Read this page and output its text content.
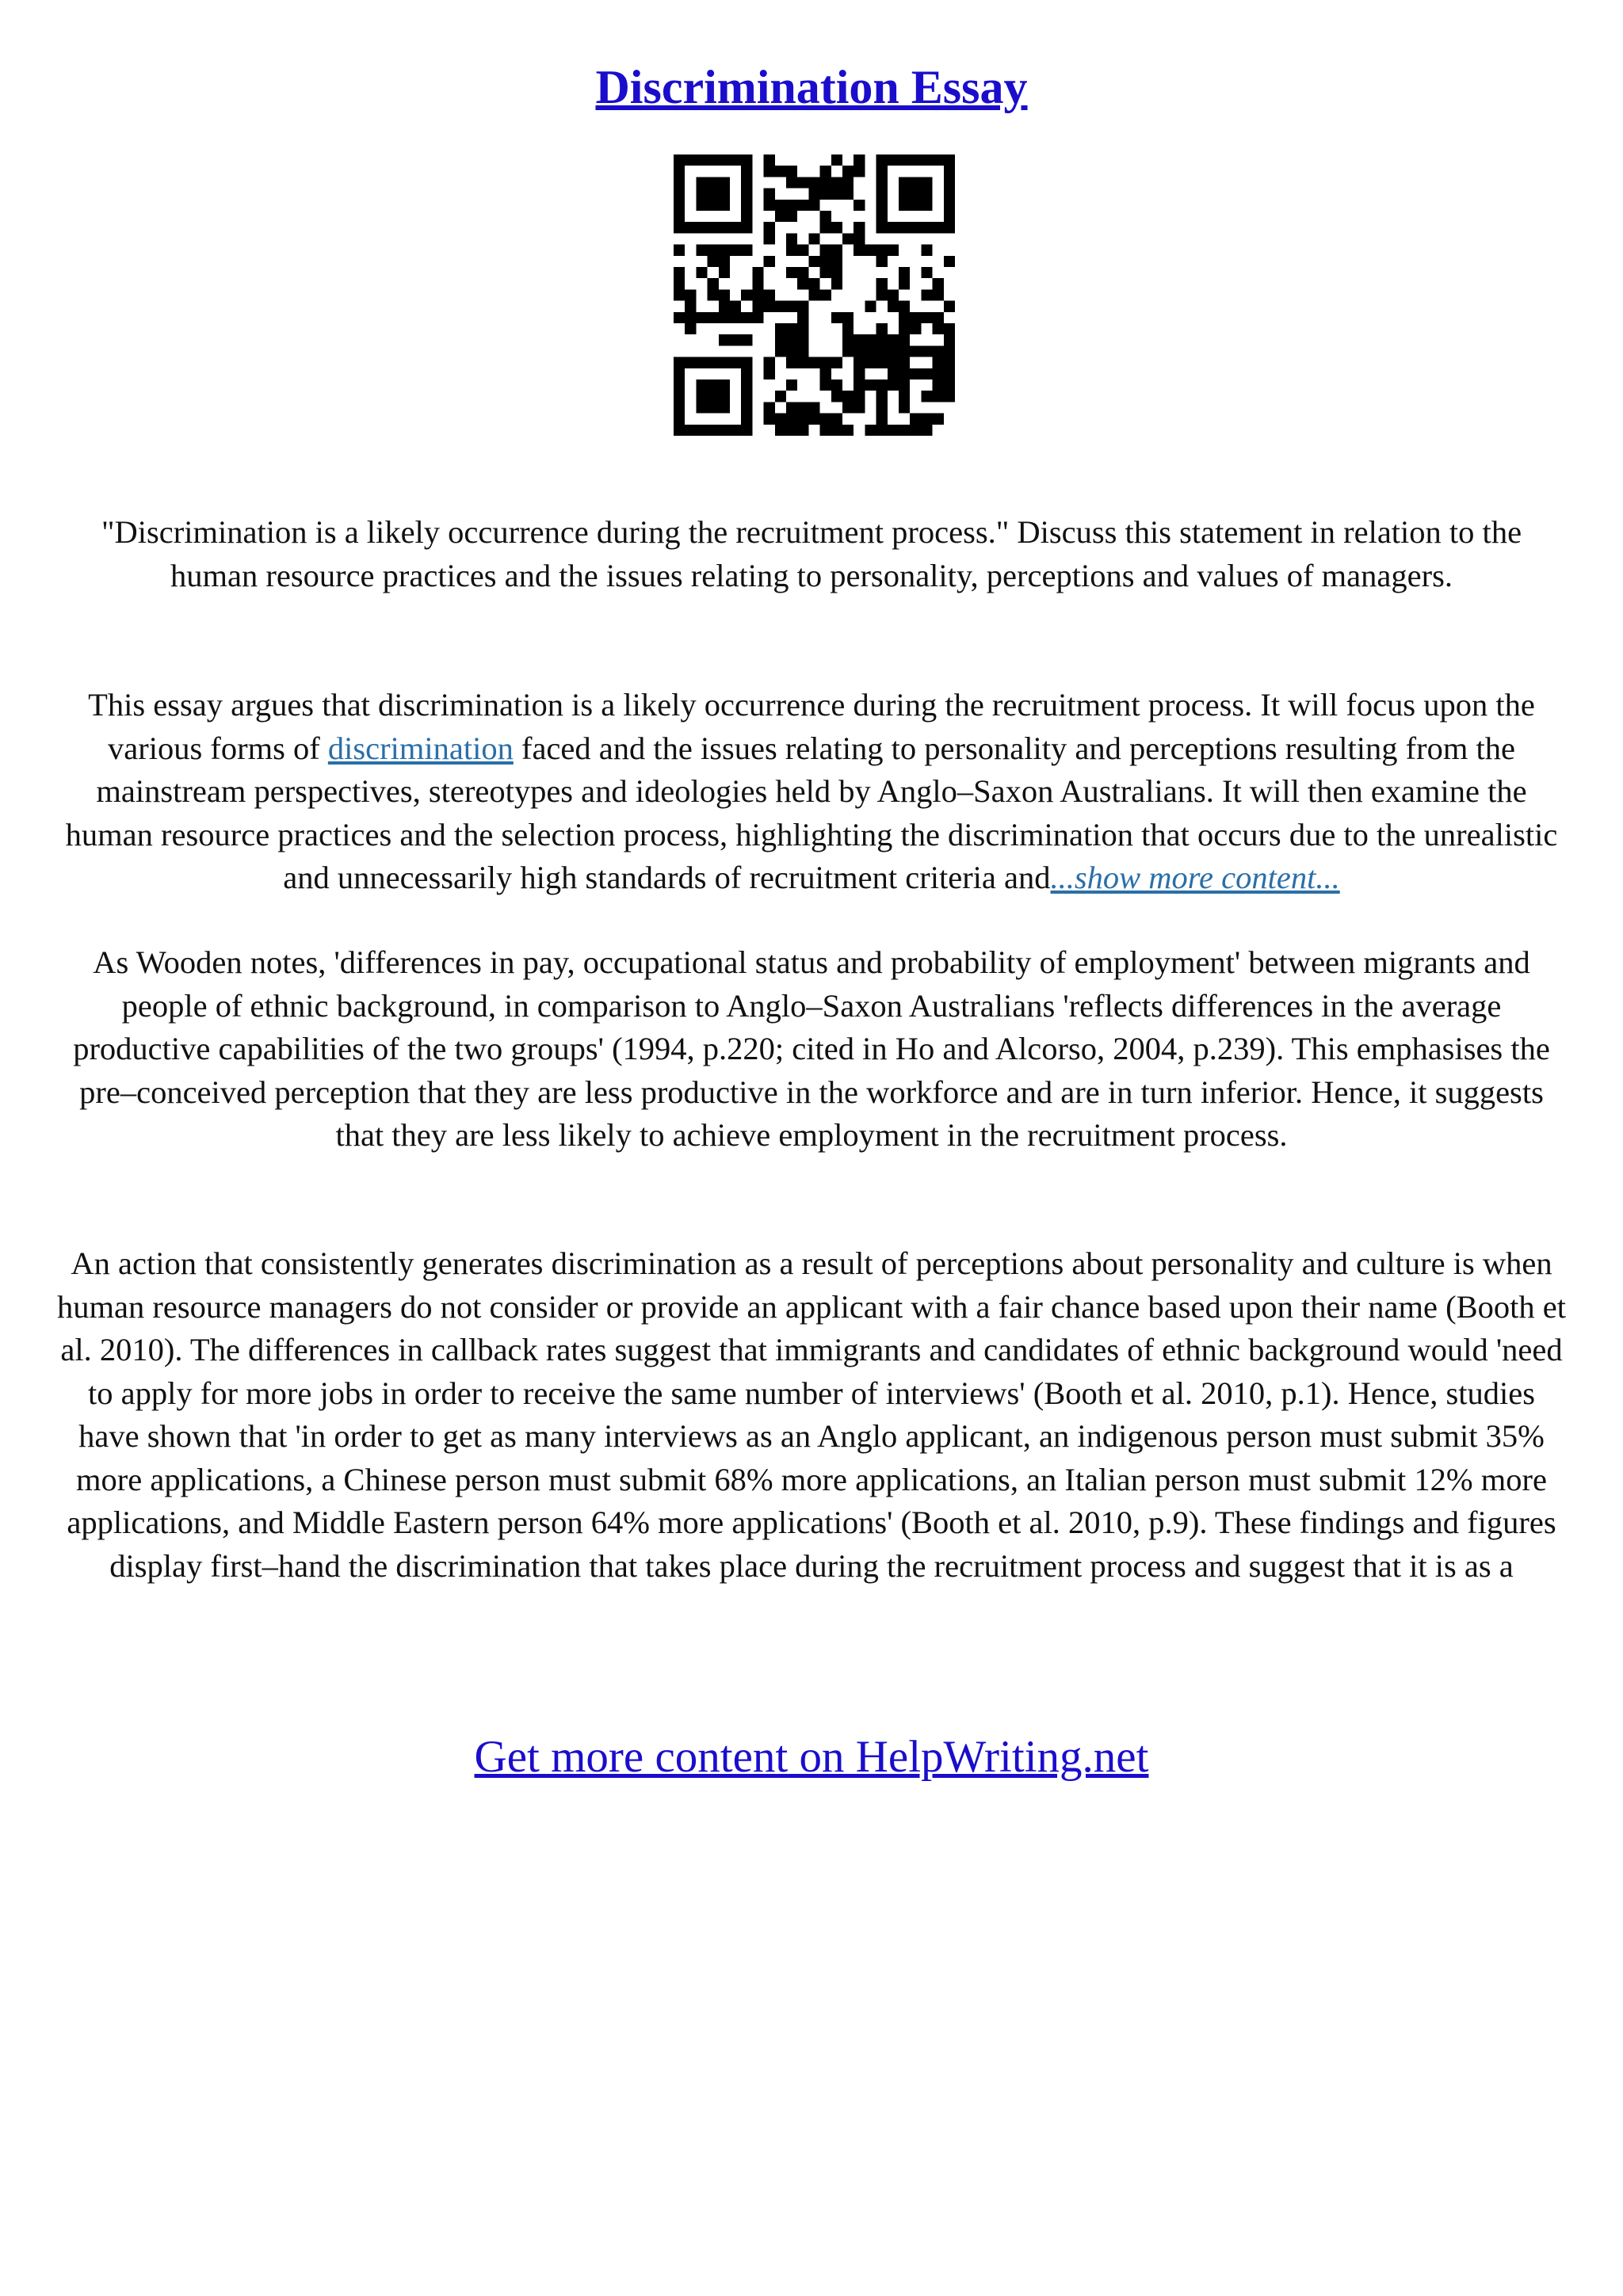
Discrimination Essay

"Discrimination is a likely occurrence during the recruitment process." Discuss this statement in relation to the human resource practices and the issues relating to personality, perceptions and values of managers.

This essay argues that discrimination is a likely occurrence during the recruitment process. It will focus upon the various forms of discrimination faced and the issues relating to personality and perceptions resulting from the mainstream perspectives, stereotypes and ideologies held by Anglo–Saxon Australians. It will then examine the human resource practices and the selection process, highlighting the discrimination that occurs due to the unrealistic and unnecessarily high standards of recruitment criteria and...show more content...

As Wooden notes, 'differences in pay, occupational status and probability of employment' between migrants and people of ethnic background, in comparison to Anglo–Saxon Australians 'reflects differences in the average productive capabilities of the two groups' (1994, p.220; cited in Ho and Alcorso, 2004, p.239). This emphasises the pre–conceived perception that they are less productive in the workforce and are in turn inferior. Hence, it suggests that they are less likely to achieve employment in the recruitment process.

An action that consistently generates discrimination as a result of perceptions about personality and culture is when human resource managers do not consider or provide an applicant with a fair chance based upon their name (Booth et al. 2010). The differences in callback rates suggest that immigrants and candidates of ethnic background would 'need to apply for more jobs in order to receive the same number of interviews' (Booth et al. 2010, p.1). Hence, studies have shown that 'in order to get as many interviews as an Anglo applicant, an indigenous person must submit 35% more applications, a Chinese person must submit 68% more applications, an Italian person must submit 12% more applications, and Middle Eastern person 64% more applications' (Booth et al. 2010, p.9). These findings and figures display first–hand the discrimination that takes place during the recruitment process and suggest that it is as a

Get more content on HelpWriting.net
